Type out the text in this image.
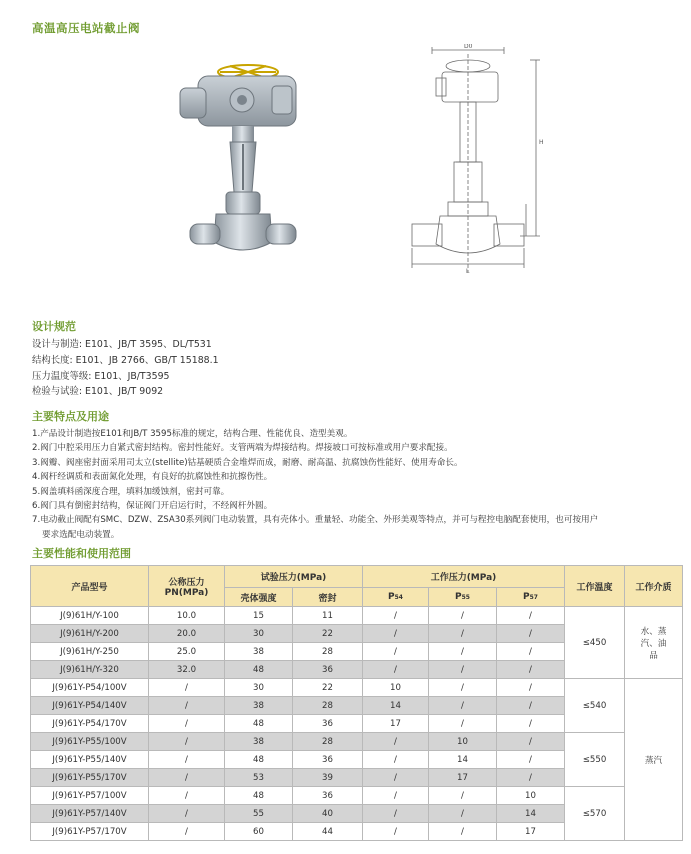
高温高压电站截止阀
D0
H
L
设计规范
设计与制造: E101、JB/T 3595、DL/T531
结构长度: E101、JB 2766、GB/T 15188.1
压力温度等级: E101、JB/T3595
检验与试验: E101、JB/T 9092
主要特点及用途
1.产品设计制造按E101和JB/T 3595标准的规定，结构合理、性能优良、造型美观。
2.阀门中腔采用压力自紧式密封结构。密封性能好。支管两端为焊接结构。焊接坡口可按标准或用户要求配接。
3.阀瓣、阀座密封面采用司太立(stellite)钴基硬质合金堆焊而成，耐磨、耐高温、抗腐蚀伤性能好、使用寿命长。
4.阀杆经调质和表面氮化处理，有良好的抗腐蚀性和抗擦伤性。
5.阀盖填料函深度合理，填料加缓蚀剂，密封可靠。
6.阀门具有倒密封结构，保证阀门开启运行时，不经阀杆外圆。
7.电动截止阀配有SMC、DZW、ZSA30系列阀门电动装置，具有壳体小。重量轻、功能全、外形美观等特点，并可与程控电脑配套使用，也可按用户
要求选配电动装置。
主要性能和使用范围
产品型号	公称压力
PN(MPa)	试验压力(MPa)		工作压力(MPa)			工作温度	工作介质
		壳体强度	密封	P54	P55	P57		
J(9)61H/Y-100	10.0	15	11	/	/	/	≤450	水、蒸汽、油品
J(9)61H/Y-200	20.0	30	22	/	/	/		
J(9)61H/Y-250	25.0	38	28	/	/	/		
J(9)61H/Y-320	32.0	48	36	/	/	/		
J(9)61Y-P54/100V	/	30	22	10	/	/	≤540	蒸汽
J(9)61Y-P54/140V	/	38	28	14	/	/		
J(9)61Y-P54/170V	/	48	36	17	/	/		
J(9)61Y-P55/100V	/	38	28	/	10	/	≤550	
J(9)61Y-P55/140V	/	48	36	/	14	/		
J(9)61Y-P55/170V	/	53	39	/	17	/		
J(9)61Y-P57/100V	/	48	36	/	/	10	≤570	
J(9)61Y-P57/140V	/	55	40	/	/	14		
J(9)61Y-P57/170V	/	60	44	/	/	17		
